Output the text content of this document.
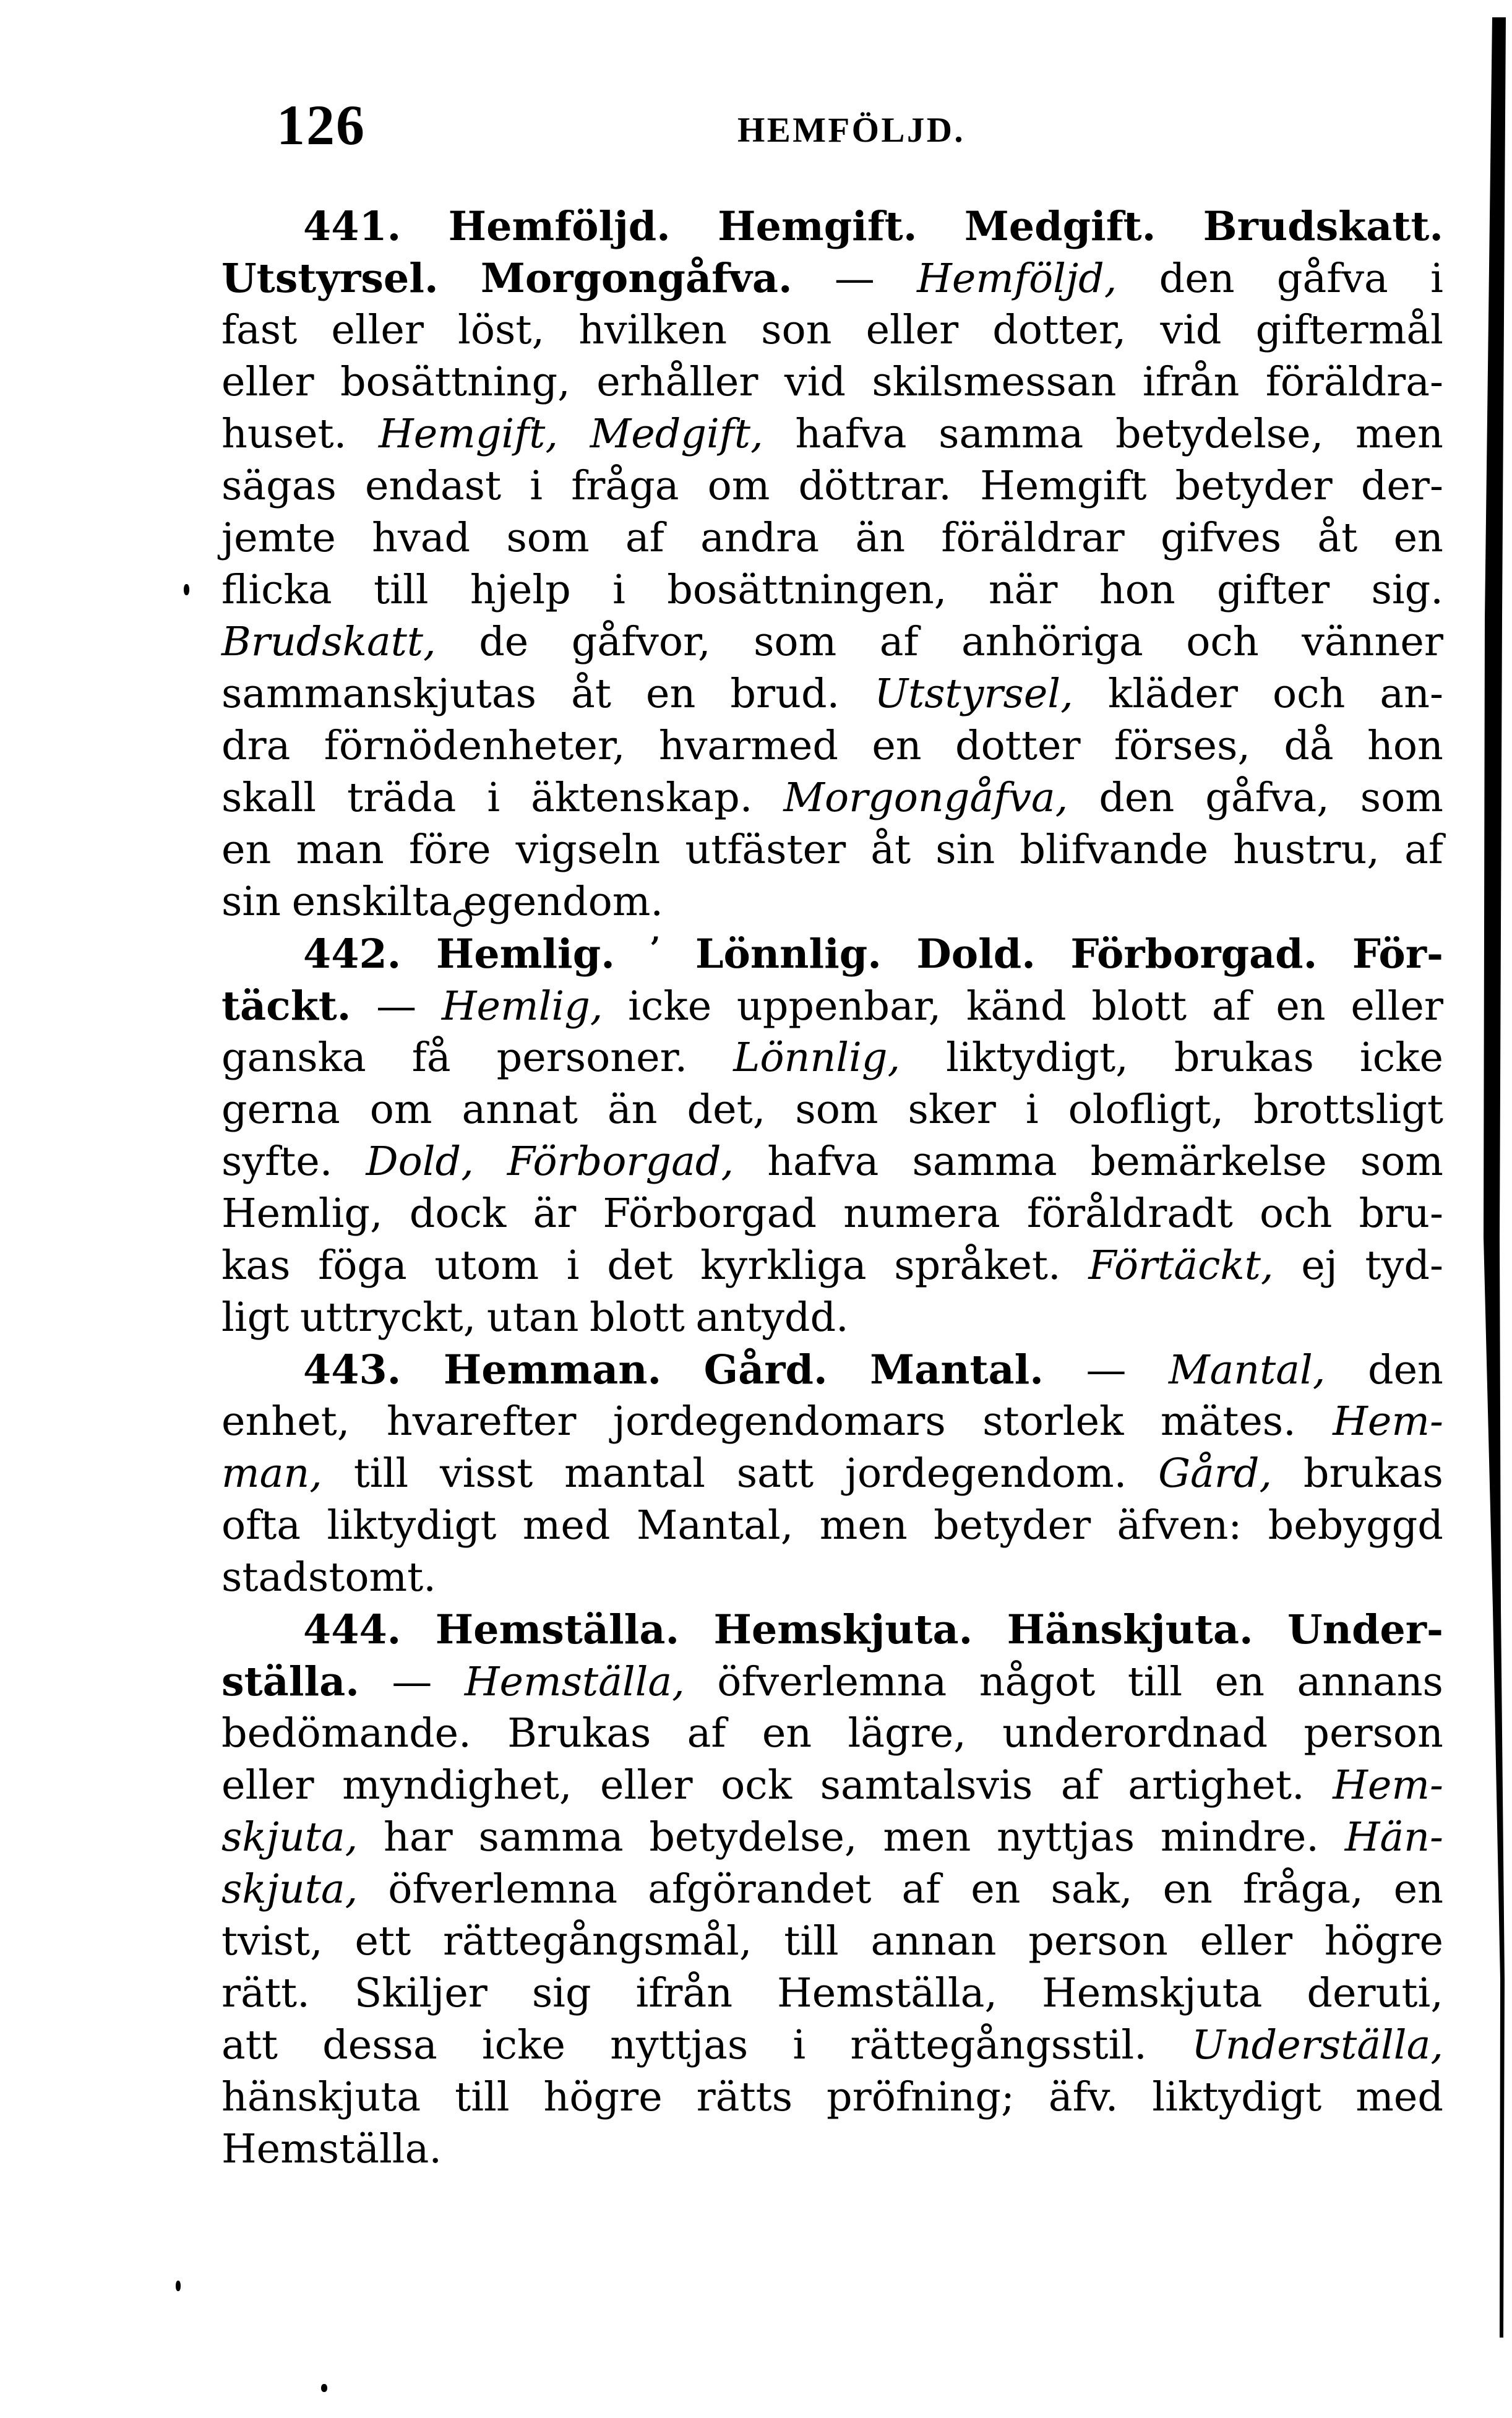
126	HEMFÖLJD.
441. Hemföljd. Hemgift. Medgift. Brudskatt.
Utstyrsel. Morgongåfva. — Hemföljd, den gåfva i
fast eller löst, hvilken son eller dotter, vid giftermål
eller bosättning, erhåller vid skilsmessan ifrån föräldra-
huset. Hemgift, Medgift, hafva samma betydelse, men
sägas endast i fråga om döttrar. Hemgift betyder der-
jemte hvad som af andra än föräldrar gifves åt en
flicka till hjelp i bosättningen, när hon gifter sig.
Brudskatt, de gåfvor, som af anhöriga och vänner
sammanskjutas åt en brud. Utstyrsel, kläder och an-
dra förnödenheter, hvarmed en dotter förses, då hon
skall träda i äktenskap. Morgongåfva, den gåfva, som
en man före vigseln utfäster åt sin blifvande hustru, af
sin enskilta egendom.
442. Hemlig. ’ Lönnlig. Dold. Förborgad. För-
täckt. — Hemlig, icke uppenbar, känd blott af en eller
ganska få personer. Lönnlig, liktydigt, brukas icke
gerna om annat än det, som sker i olofligt, brottsligt
syfte. Dold, Förborgad, hafva samma bemärkelse som
Hemlig, dock är Förborgad numera föråldradt och bru-
kas föga utom i det kyrkliga språket. Förtäckt, ej tyd-
ligt uttryckt, utan blott antydd.
443. Hemman. Gård. Mantal. — Mantal, den
enhet, hvarefter jordegendomars storlek mätes. Hem-
man, till visst mantal satt jordegendom. Gård, brukas
ofta liktydigt med Mantal, men betyder äfven: bebyggd
stadstomt.
444. Hemställa. Hemskjuta. Hänskjuta. Under-
ställa. — Hemställa, öfverlemna något till en annans
bedömande. Brukas af en lägre, underordnad person
eller myndighet, eller ock samtalsvis af artighet. Hem-
skjuta, har samma betydelse, men nyttjas mindre. Hän-
skjuta, öfverlemna afgörandet af en sak, en fråga, en
tvist, ett rättegångsmål, till annan person eller högre
rätt. Skiljer sig ifrån Hemställa, Hemskjuta deruti,
att dessa icke nyttjas i rättegångsstil. Underställa,
hänskjuta till högre rätts pröfning; äfv. liktydigt med
Hemställa.
